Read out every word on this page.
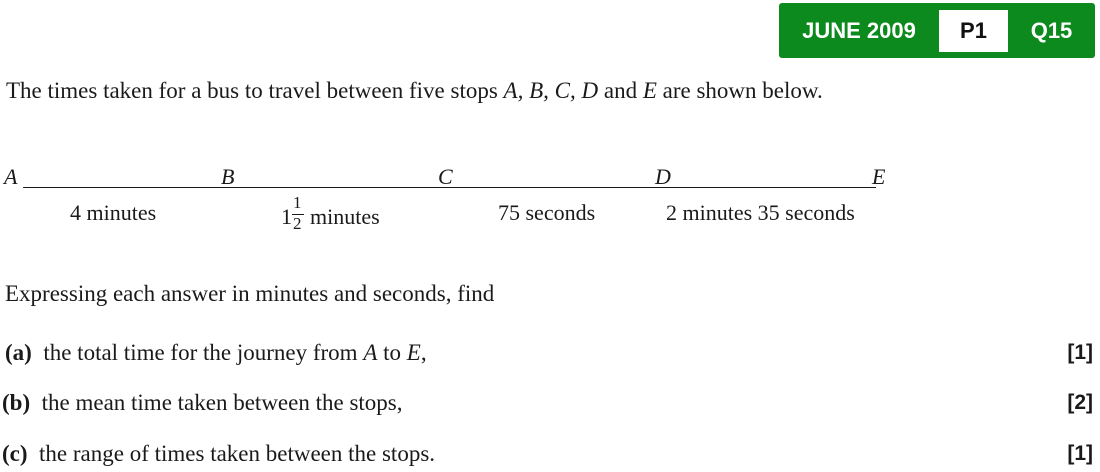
JUNE 2009	P1	Q15
The times taken for a bus to travel between five stops A, B, C, D and E are shown below.
A	B	C	D	E
4 minutes	$1 \frac{1}{2}$ minutes	75 seconds	2 minutes 35 seconds
Expressing each answer in minutes and seconds, find
(a) the total time for the journey from A to E,	[1]
(b) the mean time taken between the stops,	[2]
(c) the range of times taken between the stops.	[1]
